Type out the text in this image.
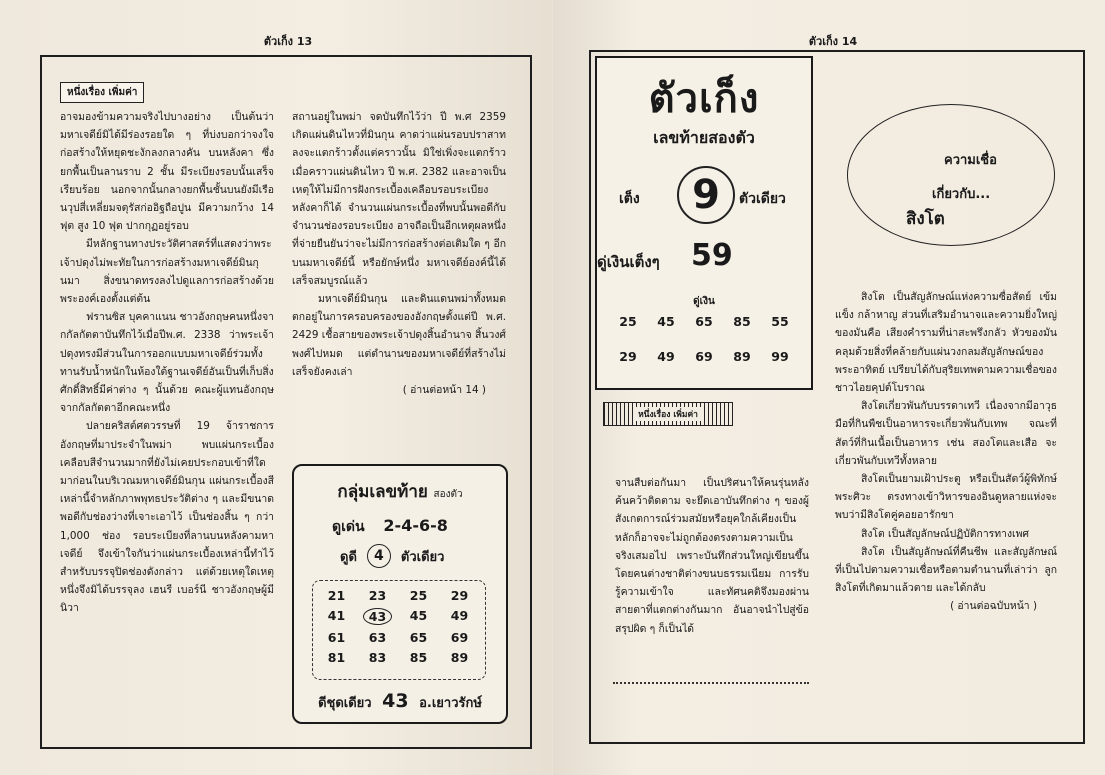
ตัวเก็ง 13
หนึ่งเรื่อง เพิ่มค่า

อาจมองข้ามความจริงไปบางอย่าง เป็นต้นว่า มหาเจดีย์มิได้มีร่องรอยใด ๆ ที่บ่งบอกว่าจงใจก่อสร้างให้หยุดชะงักลงกลางคัน บนหลังคา ซึ่งยกพื้นเป็นลานราบ 2 ชั้น มีระเบียงรอบนั้นเสร็จเรียบร้อย นอกจากนั้นกลางยกพื้นชั้นบนยังมีเรือนวุปสี่เหลี่ยมจตุรัสก่ออิฐถือปูน มีความกว้าง 14 ฟุต สูง 10 ฟุต ปากกุฏอยู่รอบ

มีหลักฐานทางประวัติศาสตร์ที่แสดงว่าพระเจ้าปดุงไม่พะทัยในการก่อสร้างมหาเจดีย์มินกุนมา สิ่งขนาดทรงลงไปดูแลการก่อสร้างด้วยพระองค์เองตั้งแต่ต้น

ฟรานซิส บุคคาแนน ชาวอังกฤษคนหนึ่งจากกัลกัตตาบันทึกไว้เมื่อปีพ.ศ. 2338 ว่าพระเจ้าปดุงทรงมีส่วนในการออกแบบมหาเจดีย์ร่วมทั้งทานรับน้ำหนักในห้องใต้ฐานเจดีย์อันเป็นที่เก็บสิ่งศักดิ์สิทธิ์มีค่าต่าง ๆ นั้นด้วย คณะผู้แทนอังกฤษจากกัลกัตตาอีกคณะหนึ่ง

ปลายคริสต์ศตวรรษที่ 19 จ้าราชการอังกฤษที่มาประจำในพม่า พบแผ่นกระเบื้องเคลือบสีจำนวนมากที่ยังไม่เคยประกอบเข้าที่ใดมาก่อนในบริเวณมหาเจดีย์มินกุน แผ่นกระเบื้องสีเหล่านี้จำหลักภาพพุทธประวัติต่าง ๆ และมีขนาดพอดีกับช่องว่างที่เจาะเอาไว้ เป็นช่องสิ้น ๆ กว่า 1,000 ช่อง รอบระเบียงที่ลานบนหลังคามหาเจดีย์ จึงเข้าใจกันว่าแผ่นกระเบื้องเหล่านี้ทำไว้สำหรับบรรจุปิดช่องดังกล่าว แต่ด้วยเหตุใดเหตุหนึ่งจึงมิได้บรรจุลง เฮนรี เบอร์นี ชาวอังกฤษผู้มีนิวา

สถานอยู่ในพม่า จดบันทึกไว้ว่า ปี พ.ศ 2359 เกิดแผ่นดินไหวที่มินกุน คาดว่าแผ่นรอบปราสาทลงจะแตกร้าวตั้งแต่คราวนั้น มิใช่เพิ่งจะแตกร้าวเมื่อคราวแผ่นดินไหว ปี พ.ศ. 2382 และอาจเป็นเหตุให้ไม่มีการฝังกระเบื้องเคลือบรอบระเบียงหลังคาก็ได้ จำนวนแผ่นกระเบื้องที่พบนั้นพอดีกับจำนวนช่องรอบระเบียง อาจถือเป็นอีกเหตุผลหนึ่งที่จ่ายยืนยันว่าจะไม่มีการก่อสร้างต่อเติมใด ๆ อีกบนมหาเจดีย์นี้ หรือยักษ์หนึ่ง มหาเจดีย์องค์นี้ได้เสร็จสมบูรณ์แล้ว

มหาเจดีย์มินกุน และดินแดนพม่าทั้งหมดตกอยู่ในการครอบครองของอังกฤษตั้งแต่ปี พ.ศ. 2429 เชื้อสายของพระเจ้าปดุงสิ้นอำนาจ สิ้นวงศ์พงศ์ไปหมด แต่ตำนานของมหาเจดีย์ที่สร้างไม่เสร็จยังคงเล่า

( อ่านต่อหน้า 14 )

กลุ่มเลขท้าย สองตัว
ดูเด่น 2-4-6-8
ดูดี	4	ตัวเดียว
21	23	25	29
41	43	45	49
61	63	65	69
81	83	85	89
ดีชุดเดียว 43 อ.เยาวรักษ์
ตัวเก็ง 14
ตัวเก็ง
เลขท้ายสองตัว
เต็ง	9	ตัวเดียว
ดู่เงินเต็งๆ 59
ดู่เงิน
25	45	65	85	55
29	49	69	89	99
หนึ่งเรื่อง เพิ่มค่า

จานสืบต่อกันมา เป็นปริศนาให้คนรุ่นหลังค้นคว้าติดตาม จะยึดเอาบันทึกต่าง ๆ ของผู้สังเกตการณ์ร่วมสมัยหรือยุคใกล้เคียงเป็นหลักก็อาจจะไม่ถูกต้องตรงตามความเป็นจริงเสมอไป เพราะบันทึกส่วนใหญ่เขียนขึ้นโดยคนต่างชาติต่างขนบธรรมเนียม การรับรู้ความเข้าใจ และทัศนคติจึงมองผ่านสายตาที่แตกต่างกันมาก อันอาจนำไปสู่ข้อสรุปผิด ๆ ก็เป็นได้

ความเชื่อ
เกี่ยวกับ...
สิงโต

สิงโต เป็นสัญลักษณ์แห่งความซื่อสัตย์ เข้มแข็ง กล้าหาญ ส่วนที่เสริมอำนาจและความยิ่งใหญ่ของมันคือ เสียงคำรามที่น่าสะพรึงกลัว หัวของมันคลุมด้วยสิ่งที่คล้ายกับแผ่นวงกลมสัญลักษณ์ของพระอาทิตย์ เปรียบได้กับสุริยเทพตามความเชื่อของชาวไอยคุปต์โบราณ

สิงโตเกี่ยวพันกับบรรดาเทวี เนื่องจากมีอาวุธมือที่กินพืชเป็นอาหารจะเกี่ยวพันกับเทพ จณะที่สัตว์ที่กินเนื้อเป็นอาหาร เช่น สองโตและเสือ จะเกี่ยวพันกับเทวีทั้งหลาย

สิงโตเป็นยามเฝ้าประตู หรือเป็นสัตว์ผู้พิทักษ์พระศิวะ ตรงทางเข้าวิหารของอินดูหลายแห่งจะพบว่ามีสิงโตคู่คอยอารักขา

สิงโต เป็นสัญลักษณ์ปฏิบัติการทางเพศ

สิงโต เป็นสัญลักษณ์ที่คืนชีพ และสัญลักษณ์ที่เป็นไปตามความเชื่อหรือตามตำนานที่เล่าว่า ลูกสิงโตที่เกิดมาแล้วตาย และได้กลับ

( อ่านต่อฉบับหน้า )
